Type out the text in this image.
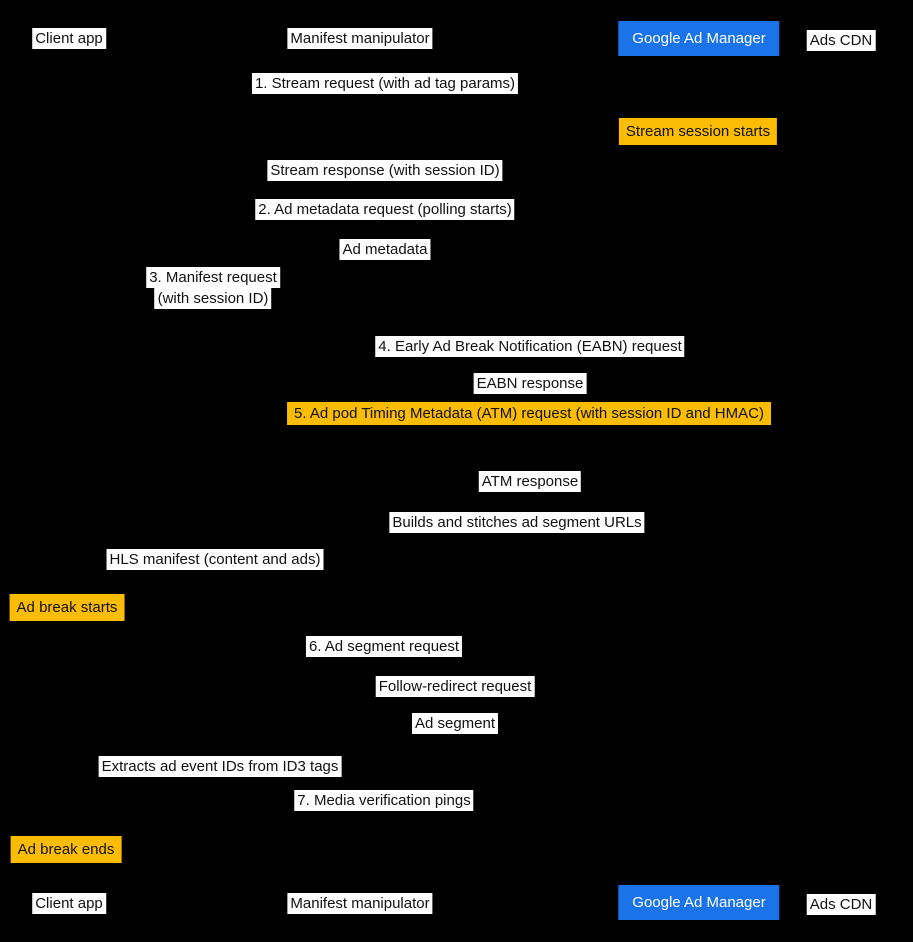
Client app	Manifest manipulator	Google Ad Manager	Ads CDN
1. Stream request (with ad tag params)
Stream session starts
Stream response (with session ID)
2. Ad metadata request (polling starts)
Ad metadata
3. Manifest request
(with session ID)
4. Early Ad Break Notification (EABN) request
EABN response
5. Ad pod Timing Metadata (ATM) request (with session ID and HMAC)
ATM response
Builds and stitches ad segment URLs
HLS manifest (content and ads)
Ad break starts
6. Ad segment request
Follow-redirect request
Ad segment
Extracts ad event IDs from ID3 tags
7. Media verification pings
Ad break ends
Client app	Manifest manipulator	Google Ad Manager	Ads CDN
